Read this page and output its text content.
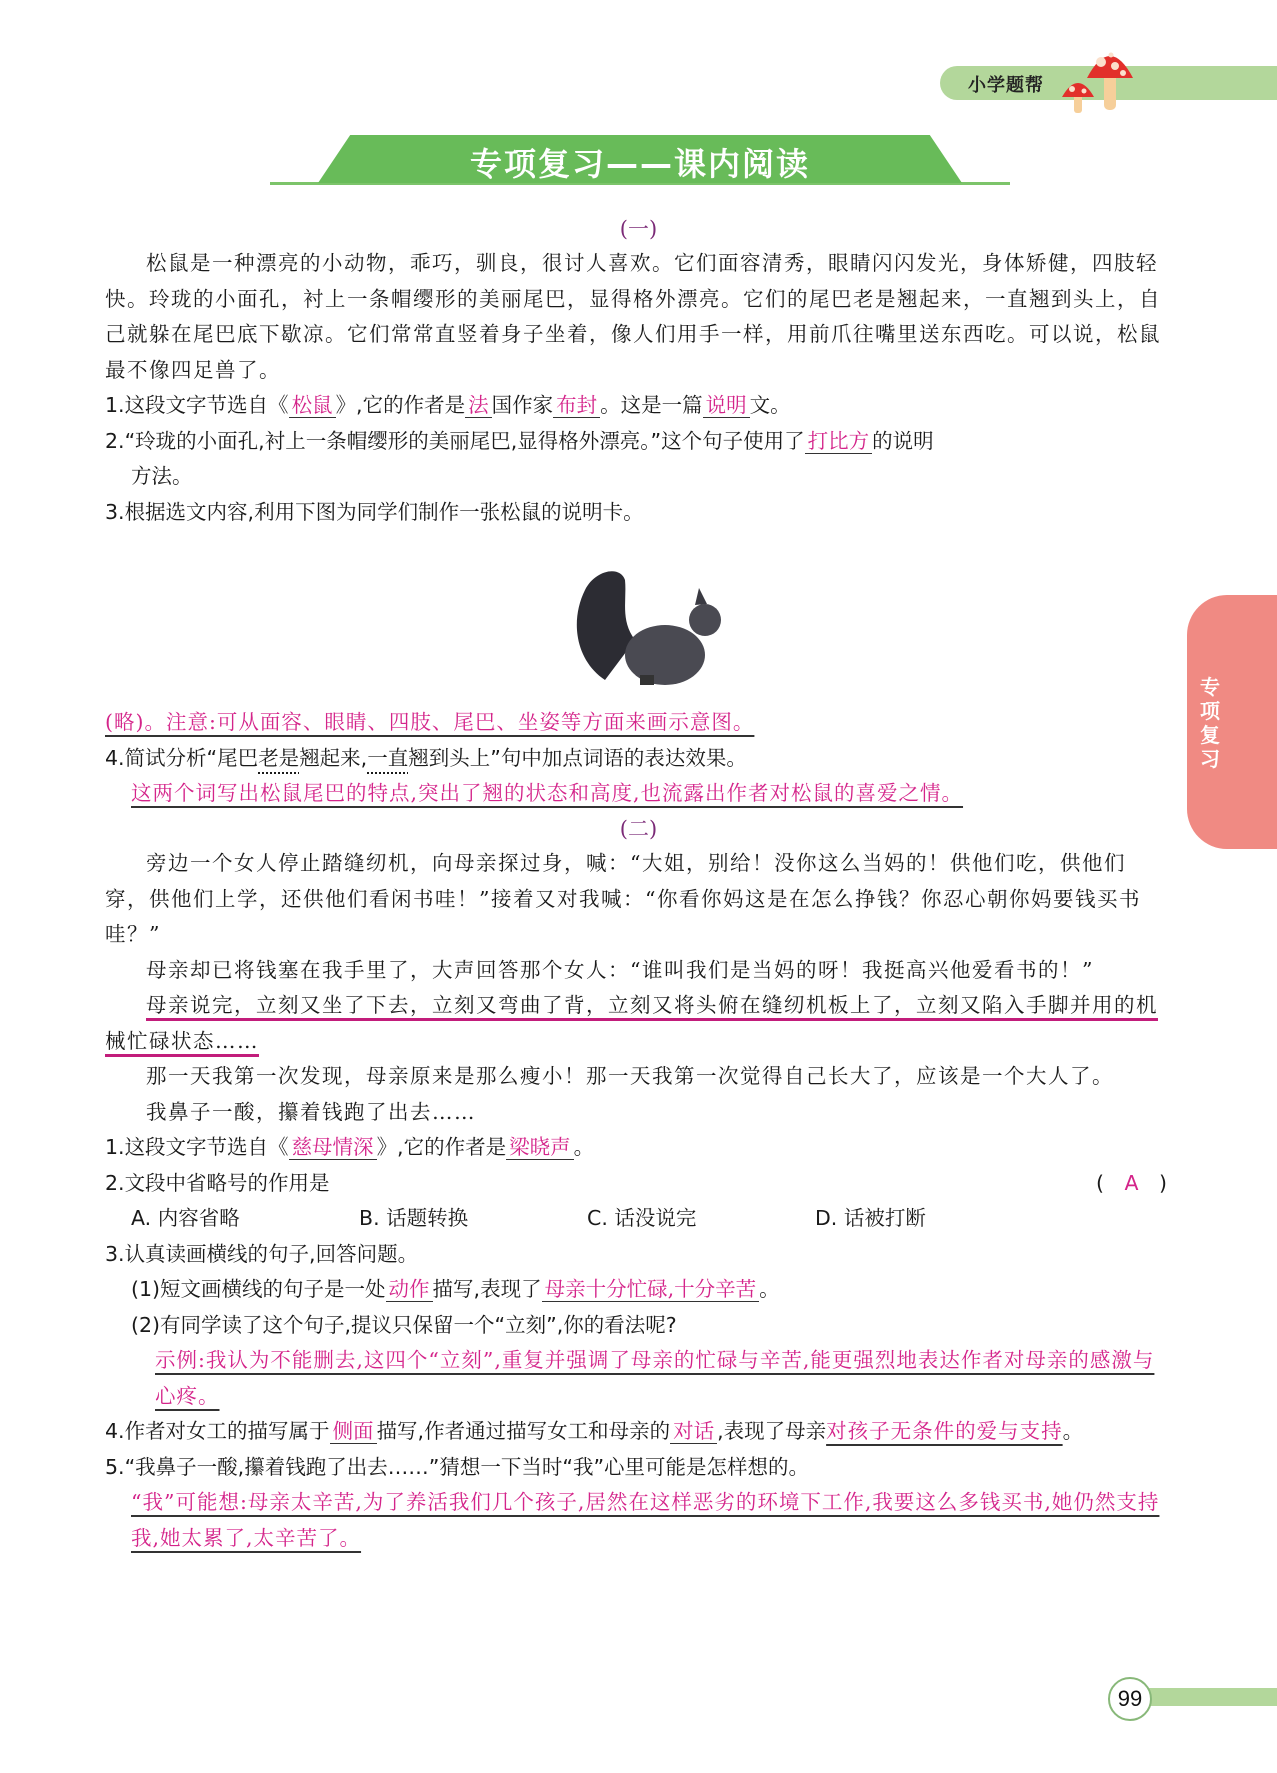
小学题帮
专项复习——课内阅读
(一)

松鼠是一种漂亮的小动物，乖巧，驯良，很讨人喜欢。它们面容清秀，眼睛闪闪发光，身体矫健，四肢轻快。玲珑的小面孔，衬上一条帽缨形的美丽尾巴，显得格外漂亮。它们的尾巴老是翘起来，一直翘到头上，自己就躲在尾巴底下歇凉。它们常常直竖着身子坐着，像人们用手一样，用前爪往嘴里送东西吃。可以说，松鼠最不像四足兽了。

1.这段文字节选自《 松鼠 》,它的作者是 法 国作家 布封 。这是一篇 说明 文。

2.“玲珑的小面孔,衬上一条帽缨形的美丽尾巴,显得格外漂亮。”这个句子使用了 打比方 的说明
方法。

3.根据选文内容,利用下图为同学们制作一张松鼠的说明卡。

(略)。注意:可从面容、眼睛、四肢、尾巴、坐姿等方面来画示意图。

4.简试分析“尾巴老是翘起来,一直翘到头上”句中加点词语的表达效果。

这两个词写出松鼠尾巴的特点,突出了翘的状态和高度,也流露出作者对松鼠的喜爱之情。

(二)

旁边一个女人停止踏缝纫机，向母亲探过身，喊：“大姐，别给！没你这么当妈的！供他们吃，供他们穿，供他们上学，还供他们看闲书哇！”接着又对我喊：“你看你妈这是在怎么挣钱？你忍心朝你妈要钱买书哇？”

母亲却已将钱塞在我手里了，大声回答那个女人：“谁叫我们是当妈的呀！我挺高兴他爱看书的！”

母亲说完，立刻又坐了下去，立刻又弯曲了背，立刻又将头俯在缝纫机板上了，立刻又陷入手脚并用的机械忙碌状态……

那一天我第一次发现，母亲原来是那么瘦小！那一天我第一次觉得自己长大了，应该是一个大人了。

我鼻子一酸，攥着钱跑了出去……

1.这段文字节选自《 慈母情深 》,它的作者是 梁晓声 。

2.文段中省略号的作用是	(　A　)

A. 内容省略	B. 话题转换	C. 话没说完	D. 话被打断

3.认真读画横线的句子,回答问题。

(1)短文画横线的句子是一处 动作 描写,表现了 母亲十分忙碌,十分辛苦 。

(2)有同学读了这个句子,提议只保留一个“立刻”,你的看法呢?

示例:我认为不能删去,这四个“立刻”,重复并强调了母亲的忙碌与辛苦,能更强烈地表达作者对母亲的感激与心疼。

4.作者对女工的描写属于 侧面 描写,作者通过描写女工和母亲的 对话 ,表现了母亲对孩子无条件的爱与支持。

5.“我鼻子一酸,攥着钱跑了出去……”猜想一下当时“我”心里可能是怎样想的。

“我”可能想:母亲太辛苦,为了养活我们几个孩子,居然在这样恶劣的环境下工作,我要这么多钱买书,她仍然支持我,她太累了,太辛苦了。

专项复习
99
